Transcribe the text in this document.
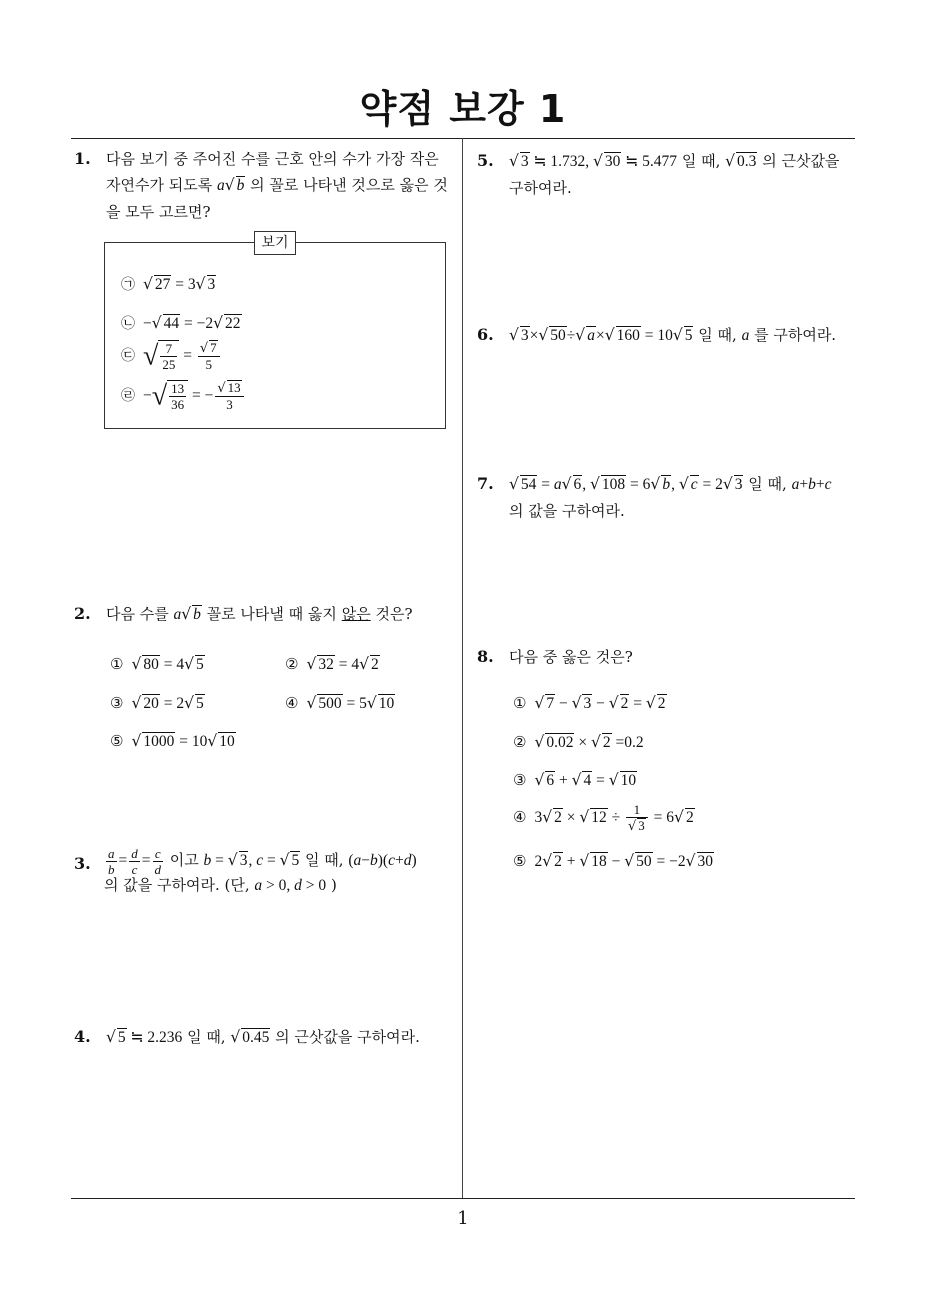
약점 보강 1
1
1. 다음 보기 중 주어진 수를 근호 안의 수가 가장 작은
자연수가 되도록 a√ b 의 꼴로 나타낸 것으로 옳은 것
을 모두 고르면?
보기
㉠ √ 27 = 3√ 3
㉡ −√ 44 = −2√ 22
㉢ √ $\frac{7}{25} = \frac{√ 7}{5}$
㉣ −√ $\frac{13}{36}$ = − $\frac{√ 13}{3}$
2. 다음 수를 a√ b 꼴로 나타낼 때 옳지 않은 것은?
① √ 80 = 4√ 5	② √ 32 = 4√ 2
③ √ 20 = 2√ 5	④ √ 500 = 5√ 10
⑤ √ 1000 = 10√ 10
3. $\frac{a}{b} = \frac{d}{c} = \frac{c}{d}$ 이고 b = √ 3, c = √ 5 일 때, (a−b)(c+d)
의 값을 구하여라. (단, a > 0, d > 0 )
4. √ 5 ≒ 2.236 일 때, √ 0.45 의 근삿값을 구하여라.
5. √ 3 ≒ 1.732, √ 30 ≒ 5.477 일 때, √ 0.3 의 근삿값을
구하여라.
6. √ 3×√ 50÷√ a×√ 160 = 10√ 5 일 때, a 를 구하여라.
7. √ 54 = a√ 6, √ 108 = 6√ b, √ c = 2√ 3 일 때, a+b+c
의 값을 구하여라.
8. 다음 중 옳은 것은?
① √ 7 − √ 3 − √ 2 = √ 2
② √ 0.02 × √ 2 =0.2
③ √ 6 + √ 4 = √ 10
④ 3√ 2 × √ $12 \div \frac{1}{√ 3} = 6√$ 2
⑤ 2√ 2 + √ 18 − √ 50 = −2√ 30
